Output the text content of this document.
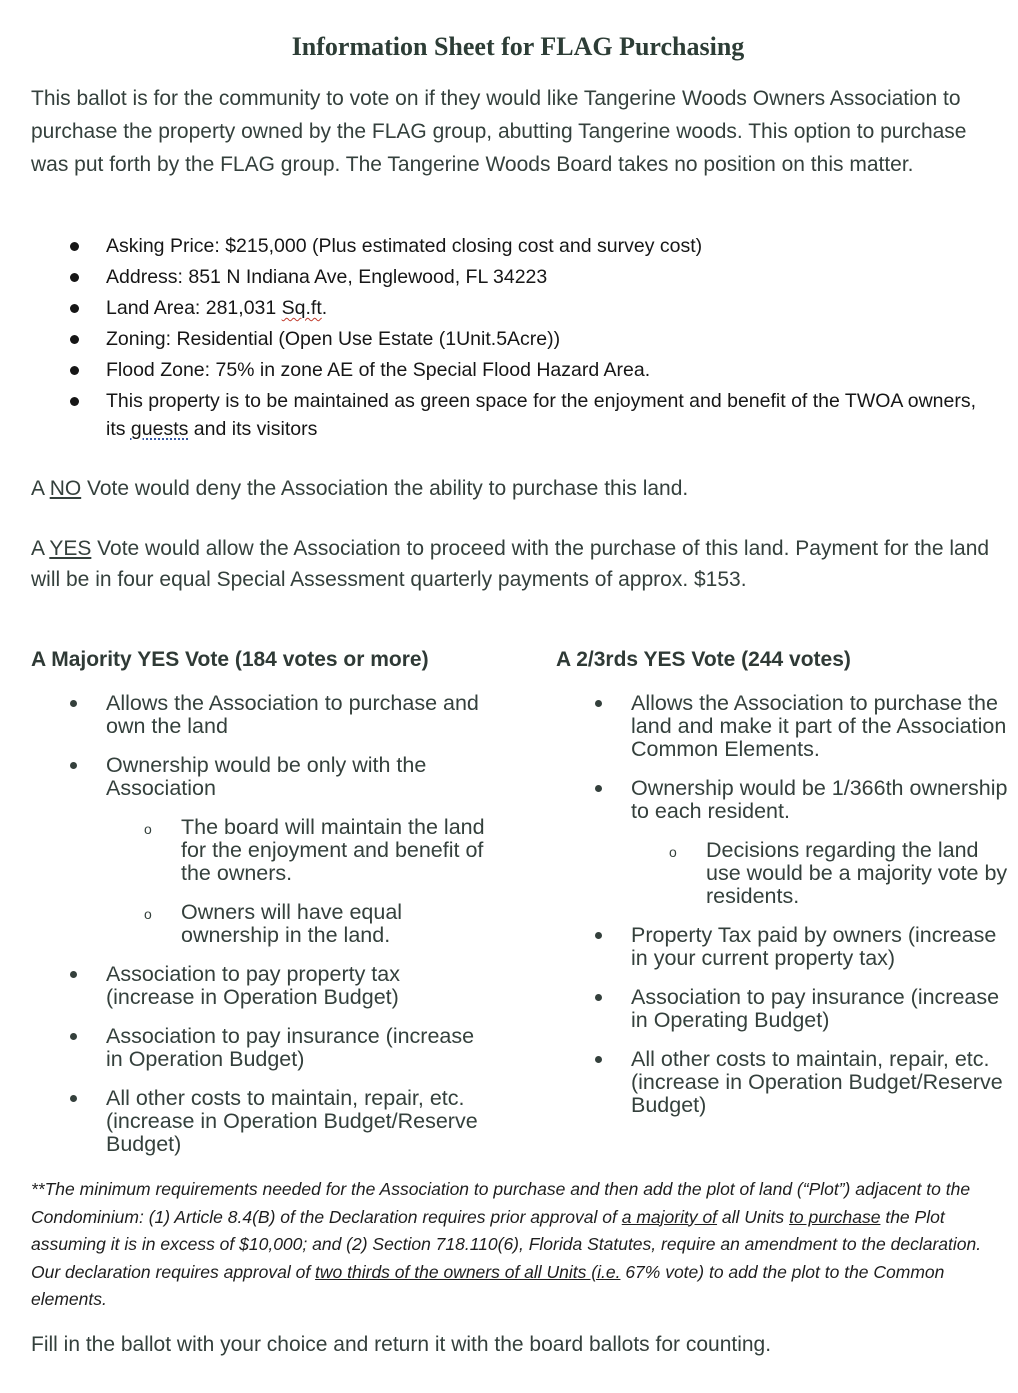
Information Sheet for FLAG Purchasing

This ballot is for the community to vote on if they would like Tangerine Woods Owners Association to purchase the property owned by the FLAG group, abutting Tangerine woods. This option to purchase was put forth by the FLAG group. The Tangerine Woods Board takes no position on this matter.

Asking Price: $215,000 (Plus estimated closing cost and survey cost)
Address: 851 N Indiana Ave, Englewood, FL 34223
Land Area: 281,031 Sq.ft.
Zoning: Residential (Open Use Estate (1Unit.5Acre))
Flood Zone: 75% in zone AE of the Special Flood Hazard Area.
This property is to be maintained as green space for the enjoyment and benefit of the TWOA owners, its guests and its visitors

A NO Vote would deny the Association the ability to purchase this land.

A YES Vote would allow the Association to proceed with the purchase of this land. Payment for the land will be in four equal Special Assessment quarterly payments of approx. $153.

A Majority YES Vote (184 votes or more)
Allows the Association to purchase and own the land
Ownership would be only with the Association
o The board will maintain the land for the enjoyment and benefit of the owners.
o Owners will have equal ownership in the land.
Association to pay property tax (increase in Operation Budget)
Association to pay insurance (increase in Operation Budget)
All other costs to maintain, repair, etc. (increase in Operation Budget/Reserve Budget)
A 2/3rds YES Vote (244 votes)
Allows the Association to purchase the land and make it part of the Association Common Elements.
Ownership would be 1/366th ownership to each resident.
o Decisions regarding the land use would be a majority vote by residents.
Property Tax paid by owners (increase in your current property tax)
Association to pay insurance (increase in Operating Budget)
All other costs to maintain, repair, etc. (increase in Operation Budget/Reserve Budget)

**The minimum requirements needed for the Association to purchase and then add the plot of land (“Plot”) adjacent to the Condominium: (1) Article 8.4(B) of the Declaration requires prior approval of a majority of all Units to purchase the Plot assuming it is in excess of $10,000; and (2) Section 718.110(6), Florida Statutes, require an amendment to the declaration. Our declaration requires approval of two thirds of the owners of all Units (i.e. 67% vote) to add the plot to the Common elements.

Fill in the ballot with your choice and return it with the board ballots for counting.
